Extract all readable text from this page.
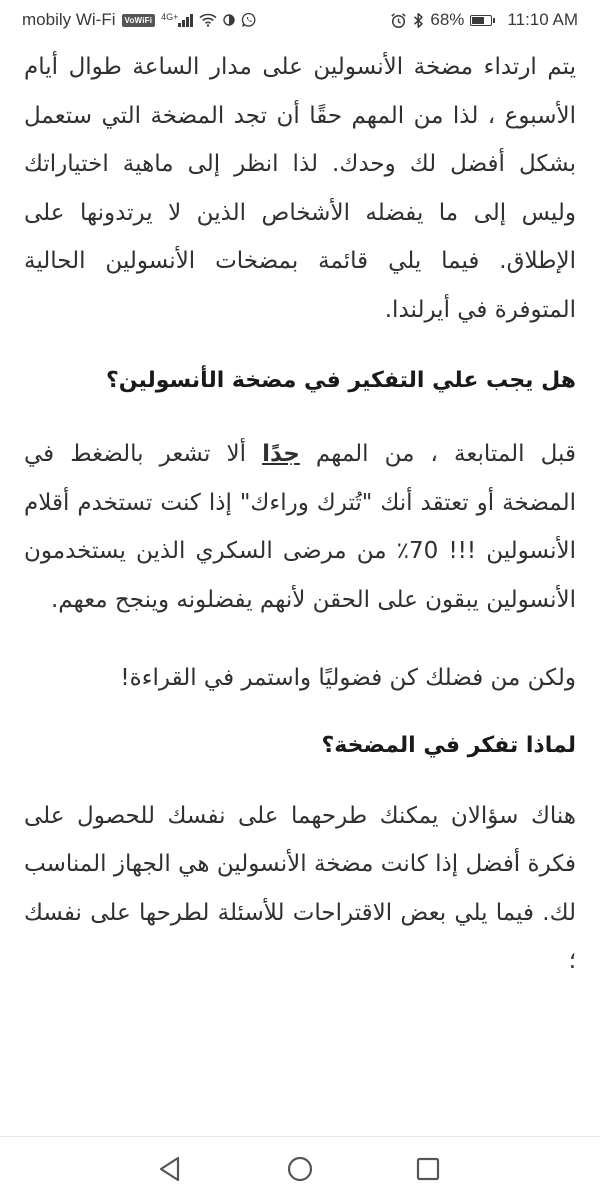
mobily Wi-Fi	VoWiFi	4G+	68%	11:10 AM

يتم ارتداء مضخة الأنسولين على مدار الساعة طوال أيام الأسبوع ، لذا من المهم حقًا أن تجد المضخة التي ستعمل بشكل أفضل لك وحدك. لذا انظر إلى ماهية اختياراتك وليس إلى ما يفضله الأشخاص الذين لا يرتدونها على الإطلاق. فيما يلي قائمة بمضخات الأنسولين الحالية المتوفرة في أيرلندا.

هل يجب علي التفكير في مضخة الأنسولين؟

قبل المتابعة ، من المهم جدًا ألا تشعر بالضغط في المضخة أو تعتقد أنك "تُترك وراءك" إذا كنت تستخدم أقلام الأنسولين !!! 70٪ من مرضى السكري الذين يستخدمون الأنسولين يبقون على الحقن لأنهم يفضلونه وينجح معهم.

ولكن من فضلك كن فضوليًا واستمر في القراءة!

لماذا تفكر في المضخة؟

هناك سؤالان يمكنك طرحهما على نفسك للحصول على فكرة أفضل إذا كانت مضخة الأنسولين هي الجهاز المناسب لك. فيما يلي بعض الاقتراحات للأسئلة لطرحها على نفسك ؛
